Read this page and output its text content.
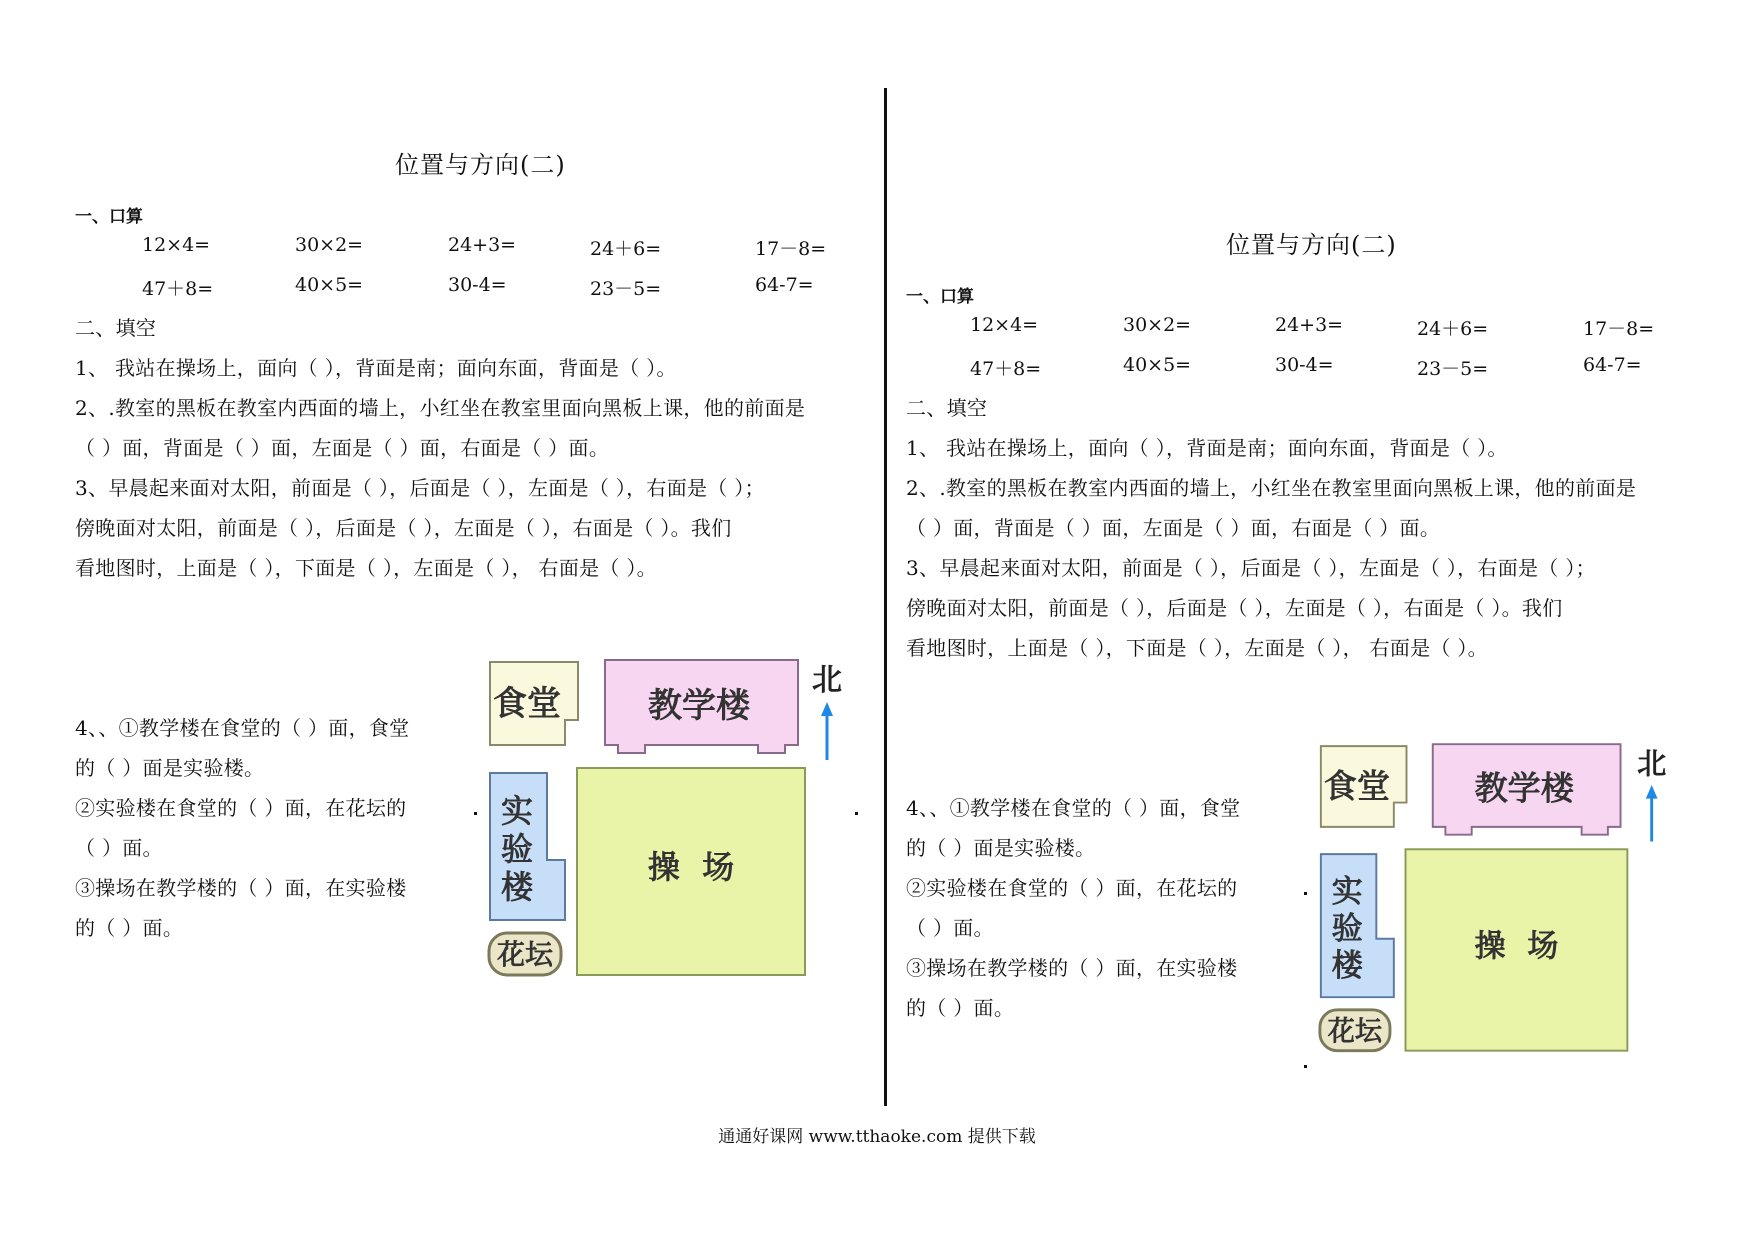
位置与方向(二)
一、口算
12×4=	30×2=	24+3=	24＋6=	17－8=
47＋8=	40×5=	30-4=	23－5=	64-7=
二、填空
1、 我站在操场上，面向（ ），背面是南；面向东面，背面是（ ）。
2、.教室的黑板在教室内西面的墙上，小红坐在教室里面向黑板上课，他的前面是
（ ）面，背面是（ ）面，左面是（ ）面，右面是（ ）面。
3、早晨起来面对太阳，前面是（ ），后面是（ ），左面是（ ），右面是（ ）；
傍晚面对太阳，前面是（ ），后面是（ ），左面是（ ），右面是（ ）。我们
看地图时，上面是（ ），下面是（ ），左面是（ ）， 右面是（ ）。
4、、①教学楼在食堂的（ ）面，食堂
的（ ）面是实验楼。
②实验楼在食堂的（ ）面，在花坛的
（ ）面。
③操场在教学楼的（ ）面，在实验楼
的（ ）面。
食堂	教学楼
北
实
验
楼
操  场
花坛
位置与方向(二)
一、口算
12×4=	30×2=	24+3=	24＋6=	17－8=
47＋8=	40×5=	30-4=	23－5=	64-7=
二、填空
1、 我站在操场上，面向（ ），背面是南；面向东面，背面是（ ）。
2、.教室的黑板在教室内西面的墙上，小红坐在教室里面向黑板上课，他的前面是
（ ）面，背面是（ ）面，左面是（ ）面，右面是（ ）面。
3、早晨起来面对太阳，前面是（ ），后面是（ ），左面是（ ），右面是（ ）；
傍晚面对太阳，前面是（ ），后面是（ ），左面是（ ），右面是（ ）。我们
看地图时，上面是（ ），下面是（ ），左面是（ ）， 右面是（ ）。
4、、①教学楼在食堂的（ ）面，食堂
的（ ）面是实验楼。
②实验楼在食堂的（ ）面，在花坛的
（ ）面。
③操场在教学楼的（ ）面，在实验楼
的（ ）面。
食堂 教学楼
北
实
验
楼
操  场
花坛
通通好课网 www.tthaoke.com 提供下载
